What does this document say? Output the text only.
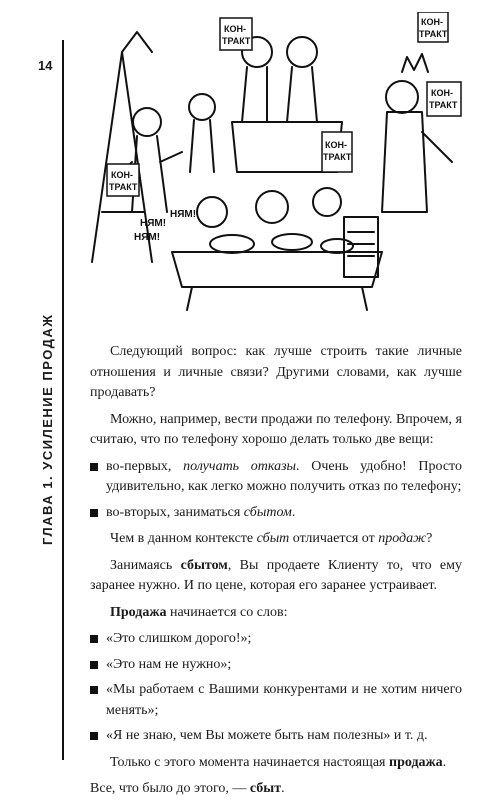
14
ГЛАВА 1. УСИЛЕНИЕ ПРОДАЖ
КОН-
ТРАКТ
КОН-
ТРАКТ
КОН-
ТРАКТ
КОН-
ТРАКТ
КОН-
ТРАКТ
НЯМ!
НЯМ!
НЯМ!

Следующий вопрос: как лучше строить такие личные отношения и личные связи? Другими словами, как лучше продавать?

Можно, например, вести продажи по телефону. Впрочем, я считаю, что по телефону хорошо делать только две вещи:

во-первых, получать отказы. Очень удобно! Просто удивительно, как легко можно получить отказ по телефону;
во-вторых, заниматься сбытом.

Чем в данном контексте сбыт отличается от продаж?

Занимаясь сбытом, Вы продаете Клиенту то, что ему заранее нужно. И по цене, которая его заранее устраивает.

Продажа начинается со слов:

«Это слишком дорого!»;
«Это нам не нужно»;
«Мы работаем с Вашими конкурентами и не хотим ничего менять»;
«Я не знаю, чем Вы можете быть нам полезны» и т. д.

Только с этого момента начинается настоящая продажа.

Все, что было до этого, — сбыт.
